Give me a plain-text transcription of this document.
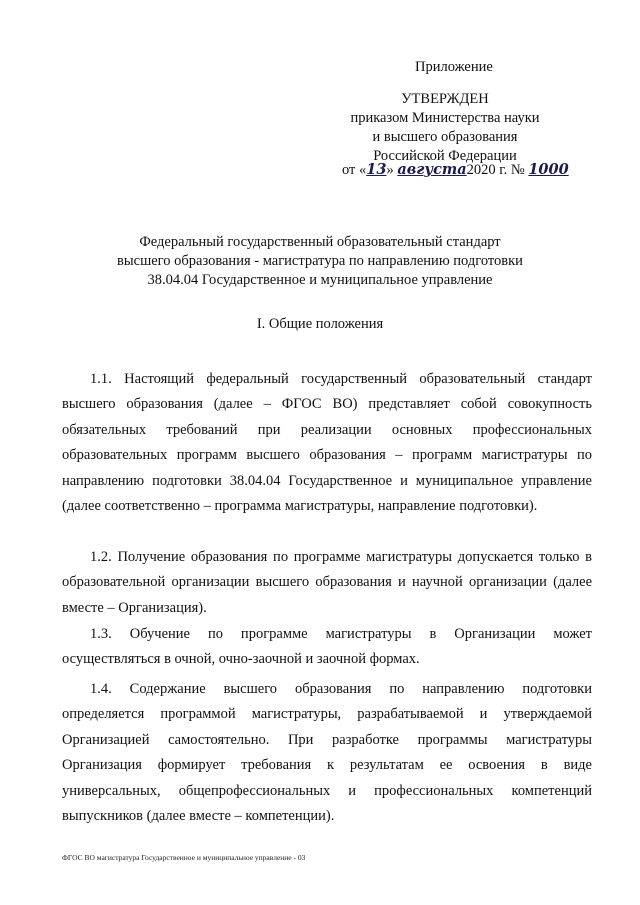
Приложение
УТВЕРЖДЕН
приказом Министерства науки
и высшего образования
Российской Федерации
от «13» августа2020 г. № 1000
Федеральный государственный образовательный стандарт
высшего образования - магистратура по направлению подготовки
38.04.04 Государственное и муниципальное управление
I. Общие положения

1.1. Настоящий федеральный государственный образовательный стандарт высшего образования (далее – ФГОС ВО) представляет собой совокупность обязательных требований при реализации основных профессиональных образовательных программ высшего образования – программ магистратуры по направлению подготовки 38.04.04 Государственное и муниципальное управление (далее соответственно – программа магистратуры, направление подготовки).

1.2. Получение образования по программе магистратуры допускается только в образовательной организации высшего образования и научной организации (далее вместе – Организация).

1.3. Обучение по программе магистратуры в Организации может осуществляться в очной, очно-заочной и заочной формах.

1.4. Содержание высшего образования по направлению подготовки определяется программой магистратуры, разрабатываемой и утверждаемой Организацией самостоятельно. При разработке программы магистратуры Организация формирует требования к результатам ее освоения в виде универсальных, общепрофессиональных и профессиональных компетенций выпускников (далее вместе – компетенции).

ФГОС ВО магистратура Государственное и муниципальное управление - 03
